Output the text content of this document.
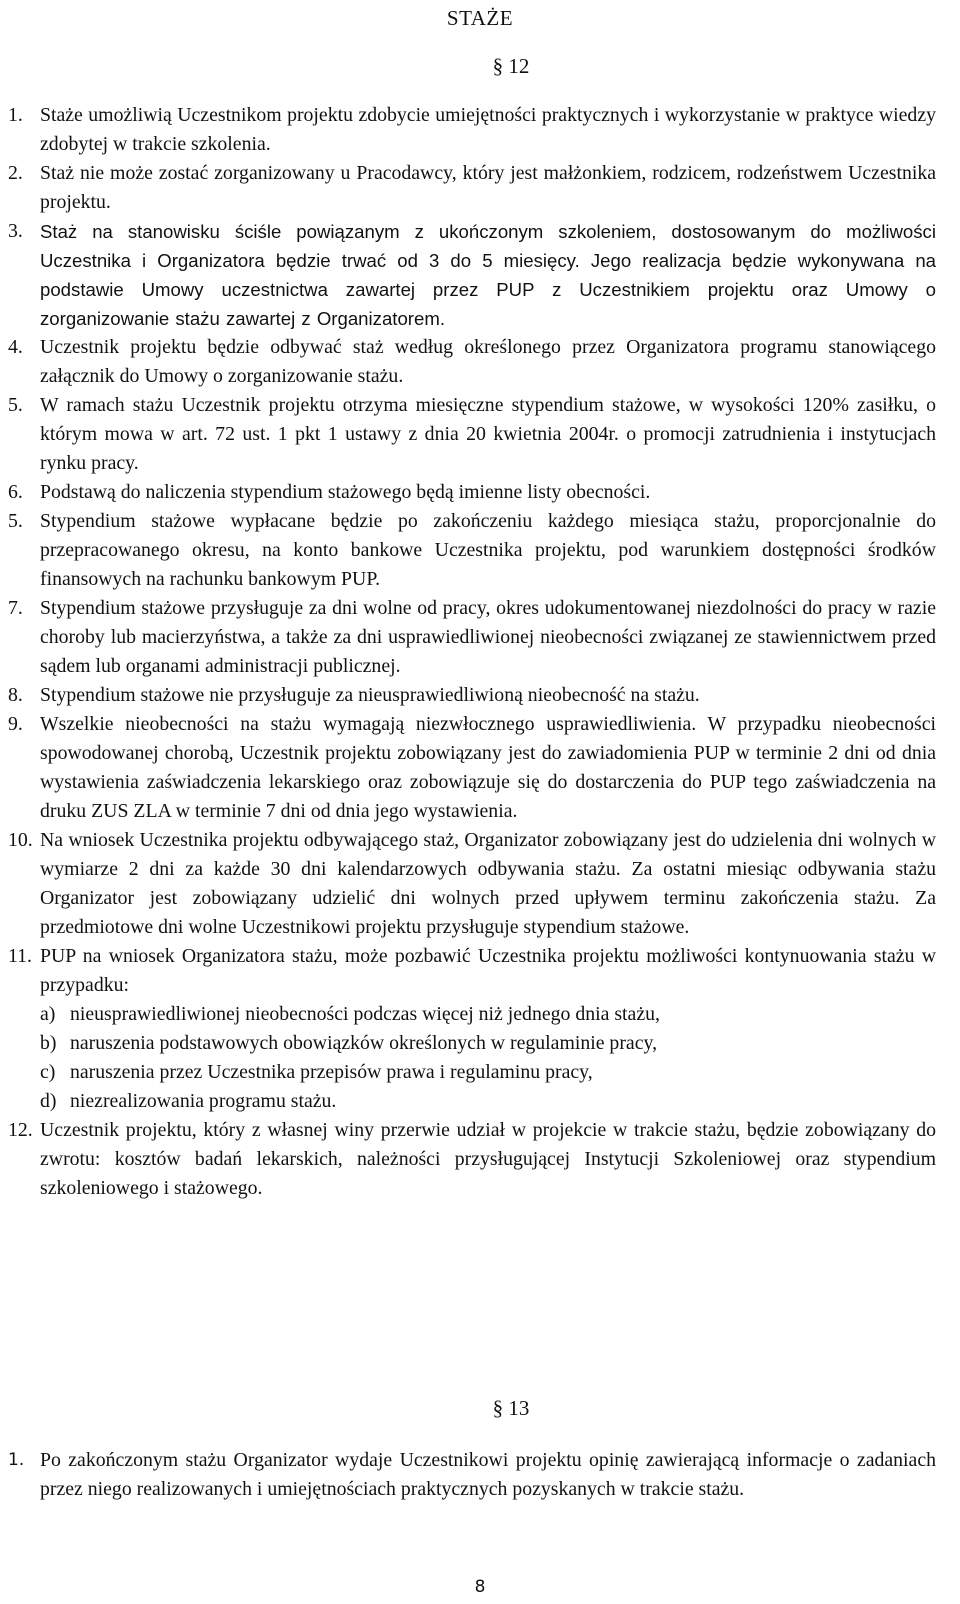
STAŻE
§ 12
1. Staże umożliwią Uczestnikom projektu zdobycie umiejętności praktycznych i wykorzystanie w praktyce wiedzy zdobytej w trakcie szkolenia.
2. Staż nie może zostać zorganizowany u Pracodawcy, który jest małżonkiem, rodzicem, rodzeństwem Uczestnika projektu.
3. Staż na stanowisku ściśle powiązanym z ukończonym szkoleniem, dostosowanym do możliwości Uczestnika i Organizatora będzie trwać od 3 do 5 miesięcy. Jego realizacja będzie wykonywana na podstawie Umowy uczestnictwa zawartej przez PUP z Uczestnikiem projektu oraz Umowy o zorganizowanie stażu zawartej z Organizatorem.
4. Uczestnik projektu będzie odbywać staż według określonego przez Organizatora programu stanowiącego załącznik do Umowy o zorganizowanie stażu.
5. W ramach stażu Uczestnik projektu otrzyma miesięczne stypendium stażowe, w wysokości 120% zasiłku, o którym mowa w art. 72 ust. 1 pkt 1 ustawy z dnia 20 kwietnia 2004r. o promocji zatrudnienia i instytucjach rynku pracy.
6. Podstawą do naliczenia stypendium stażowego będą imienne listy obecności.
5. Stypendium stażowe wypłacane będzie po zakończeniu każdego miesiąca stażu, proporcjonalnie do przepracowanego okresu, na konto bankowe Uczestnika projektu, pod warunkiem dostępności środków finansowych na rachunku bankowym PUP.
7. Stypendium stażowe przysługuje za dni wolne od pracy, okres udokumentowanej niezdolności do pracy w razie choroby lub macierzyństwa, a także za dni usprawiedliwionej nieobecności związanej ze stawiennictwem przed sądem lub organami administracji publicznej.
8. Stypendium stażowe nie przysługuje za nieusprawiedliwioną nieobecność na stażu.
9. Wszelkie nieobecności na stażu wymagają niezwłocznego usprawiedliwienia. W przypadku nieobecności spowodowanej chorobą, Uczestnik projektu zobowiązany jest do zawiadomienia PUP w terminie 2 dni od dnia wystawienia zaświadczenia lekarskiego oraz zobowiązuje się do dostarczenia do PUP tego zaświadczenia na druku ZUS ZLA w terminie 7 dni od dnia jego wystawienia.
10. Na wniosek Uczestnika projektu odbywającego staż, Organizator zobowiązany jest do udzielenia dni wolnych w wymiarze 2 dni za każde 30 dni kalendarzowych odbywania stażu. Za ostatni miesiąc odbywania stażu Organizator jest zobowiązany udzielić dni wolnych przed upływem terminu zakończenia stażu. Za przedmiotowe dni wolne Uczestnikowi projektu przysługuje stypendium stażowe.
11. PUP na wniosek Organizatora stażu, może pozbawić Uczestnika projektu możliwości kontynuowania stażu w przypadku:
a) nieusprawiedliwionej nieobecności podczas więcej niż jednego dnia stażu,
b) naruszenia podstawowych obowiązków określonych w regulaminie pracy,
c) naruszenia przez Uczestnika przepisów prawa i regulaminu pracy,
d) niezrealizowania programu stażu.
12. Uczestnik projektu, który z własnej winy przerwie udział w projekcie w trakcie stażu, będzie zobowiązany do zwrotu: kosztów badań lekarskich, należności przysługującej Instytucji Szkoleniowej oraz stypendium szkoleniowego i stażowego.
§ 13
1. Po zakończonym stażu Organizator wydaje Uczestnikowi projektu opinię zawierającą informacje o zadaniach przez niego realizowanych i umiejętnościach praktycznych pozyskanych w trakcie stażu.
8
